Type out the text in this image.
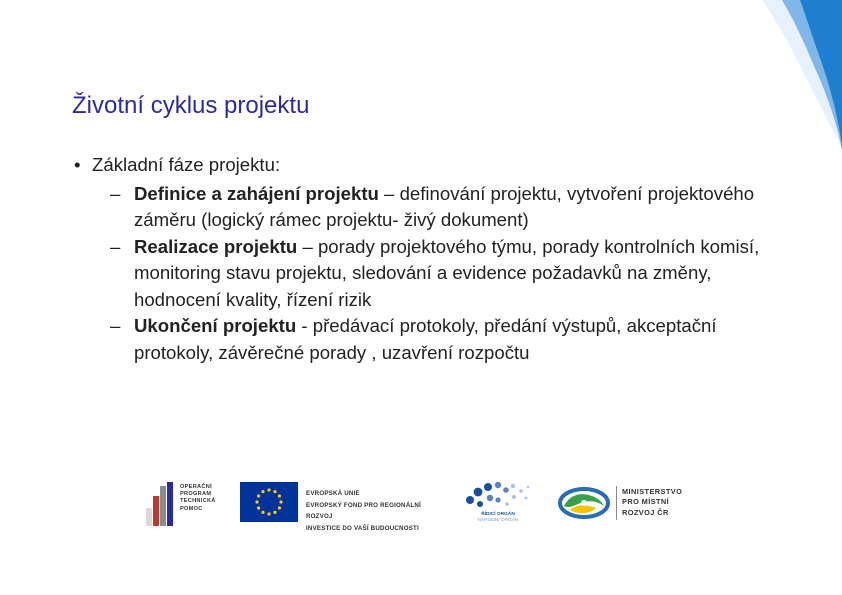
Životní cyklus projektu
• Základní fáze projektu:
– Definice a zahájení projektu – definování projektu, vytvoření projektového záměru (logický rámec projektu- živý dokument)
– Realizace projektu – porady projektového týmu, porady kontrolních komisí, monitoring stavu projektu, sledování a evidence požadavků na změny, hodnocení kvality, řízení rizik
– Ukončení projektu - předávací protokoly, předání výstupů, akceptační protokoly, závěrečné porady , uzavření rozpočtu
OPERAČNÍ
PROGRAM
TECHNICKÁ
POMOC
EVROPSKÁ UNIE
EVROPSKÝ FOND PRO REGIONÁLNÍ ROZVOJ
INVESTICE DO VAŠÍ BUDOUCNOSTI
ŘÍDICÍ ORGÁN
NÁRODNÍ ORGÁN
MINISTERSTVO
PRO MÍSTNÍ
ROZVOJ ČR
